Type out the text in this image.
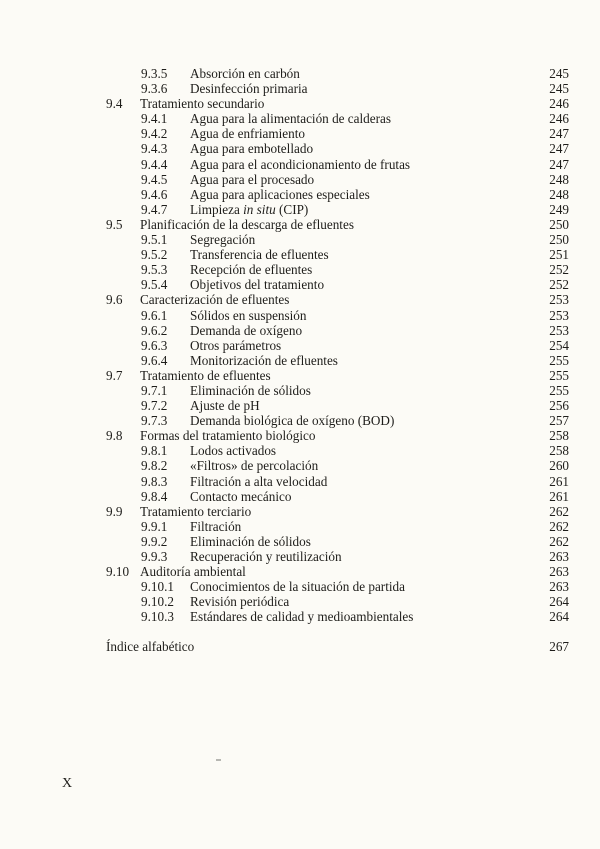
9.3.5	Absorción en carbón	245
9.3.6	Desinfección primaria	245
9.4	Tratamiento secundario	246
9.4.1	Agua para la alimentación de calderas	246
9.4.2	Agua de enfriamiento	247
9.4.3	Agua para embotellado	247
9.4.4	Agua para el acondicionamiento de frutas	247
9.4.5	Agua para el procesado	248
9.4.6	Agua para aplicaciones especiales	248
9.4.7	Limpieza in situ (CIP)	249
9.5	Planificación de la descarga de efluentes	250
9.5.1	Segregación	250
9.5.2	Transferencia de efluentes	251
9.5.3	Recepción de efluentes	252
9.5.4	Objetivos del tratamiento	252
9.6	Caracterización de efluentes	253
9.6.1	Sólidos en suspensión	253
9.6.2	Demanda de oxígeno	253
9.6.3	Otros parámetros	254
9.6.4	Monitorización de efluentes	255
9.7	Tratamiento de efluentes	255
9.7.1	Eliminación de sólidos	255
9.7.2	Ajuste de pH	256
9.7.3	Demanda biológica de oxígeno (BOD)	257
9.8	Formas del tratamiento biológico	258
9.8.1	Lodos activados	258
9.8.2	«Filtros» de percolación	260
9.8.3	Filtración a alta velocidad	261
9.8.4	Contacto mecánico	261
9.9	Tratamiento terciario	262
9.9.1	Filtración	262
9.9.2	Eliminación de sólidos	262
9.9.3	Recuperación y reutilización	263
9.10 Auditoría ambiental	263
9.10.1	Conocimientos de la situación de partida	263
9.10.2	Revisión periódica	264
9.10.3	Estándares de calidad y medioambientales	264
Índice alfabético	267
X
